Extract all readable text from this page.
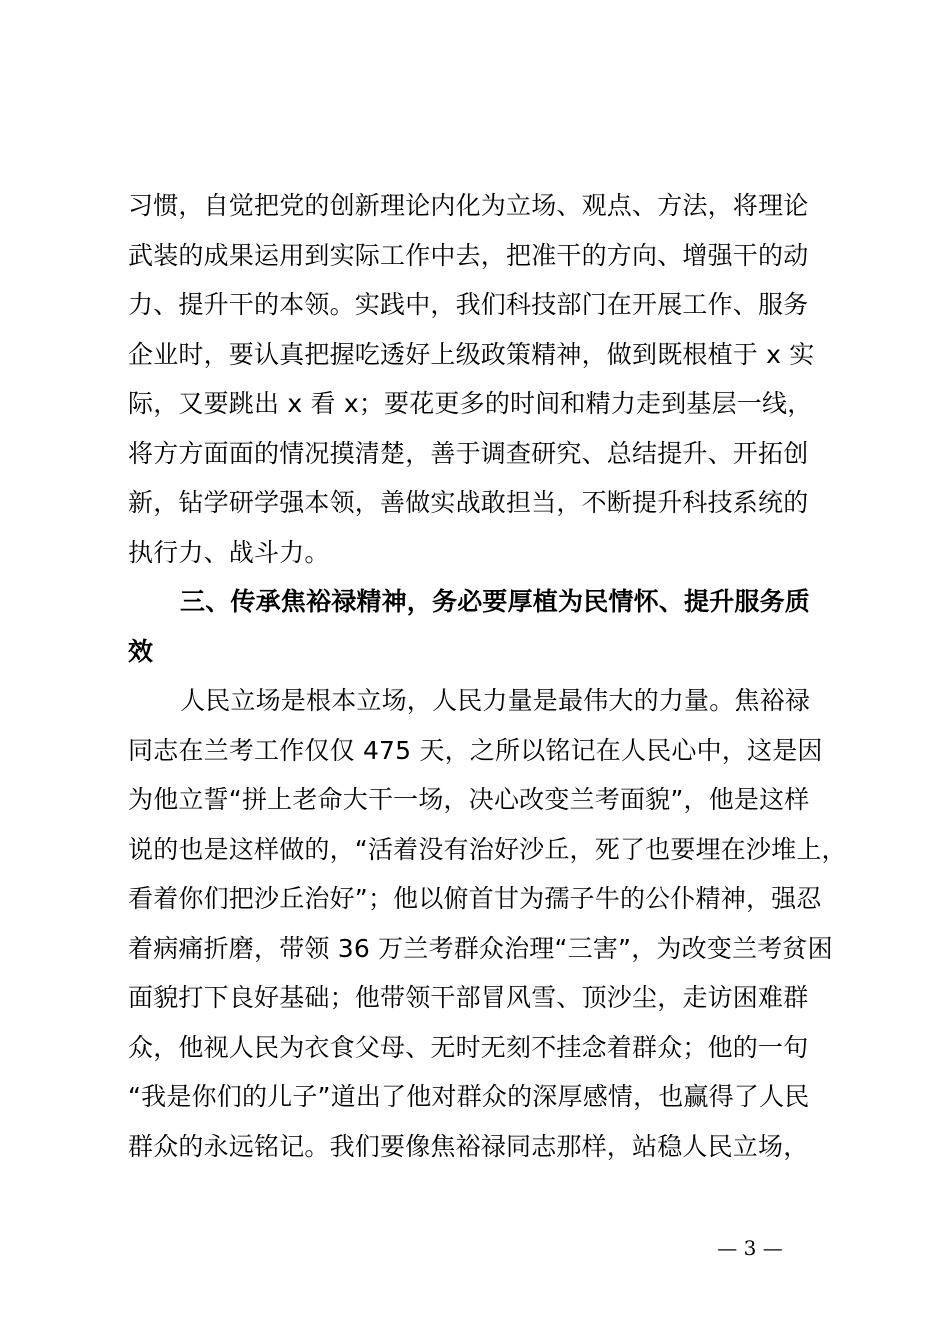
习惯，自觉把党的创新理论内化为立场、观点、方法，将理论
武装的成果运用到实际工作中去，把准干的方向、增强干的动
力、提升干的本领。实践中，我们科技部门在开展工作、服务
企业时，要认真把握吃透好上级政策精神，做到既根植于 x 实
际，又要跳出 x 看 x；要花更多的时间和精力走到基层一线，
将方方面面的情况摸清楚，善于调查研究、总结提升、开拓创
新，钻学研学强本领，善做实战敢担当，不断提升科技系统的
执行力、战斗力。
三、传承焦裕禄精神，务必要厚植为民情怀、提升服务质
效
人民立场是根本立场，人民力量是最伟大的力量。焦裕禄
同志在兰考工作仅仅 475 天，之所以铭记在人民心中，这是因
为他立誓“拼上老命大干一场，决心改变兰考面貌”，他是这样
说的也是这样做的，“活着没有治好沙丘，死了也要埋在沙堆上，
看着你们把沙丘治好”；他以俯首甘为孺子牛的公仆精神，强忍
着病痛折磨，带领 36 万兰考群众治理“三害”，为改变兰考贫困
面貌打下良好基础；他带领干部冒风雪、顶沙尘，走访困难群
众，他视人民为衣食父母、无时无刻不挂念着群众；他的一句
“我是你们的儿子”道出了他对群众的深厚感情，也赢得了人民
群众的永远铭记。我们要像焦裕禄同志那样，站稳人民立场，
— 3 —
